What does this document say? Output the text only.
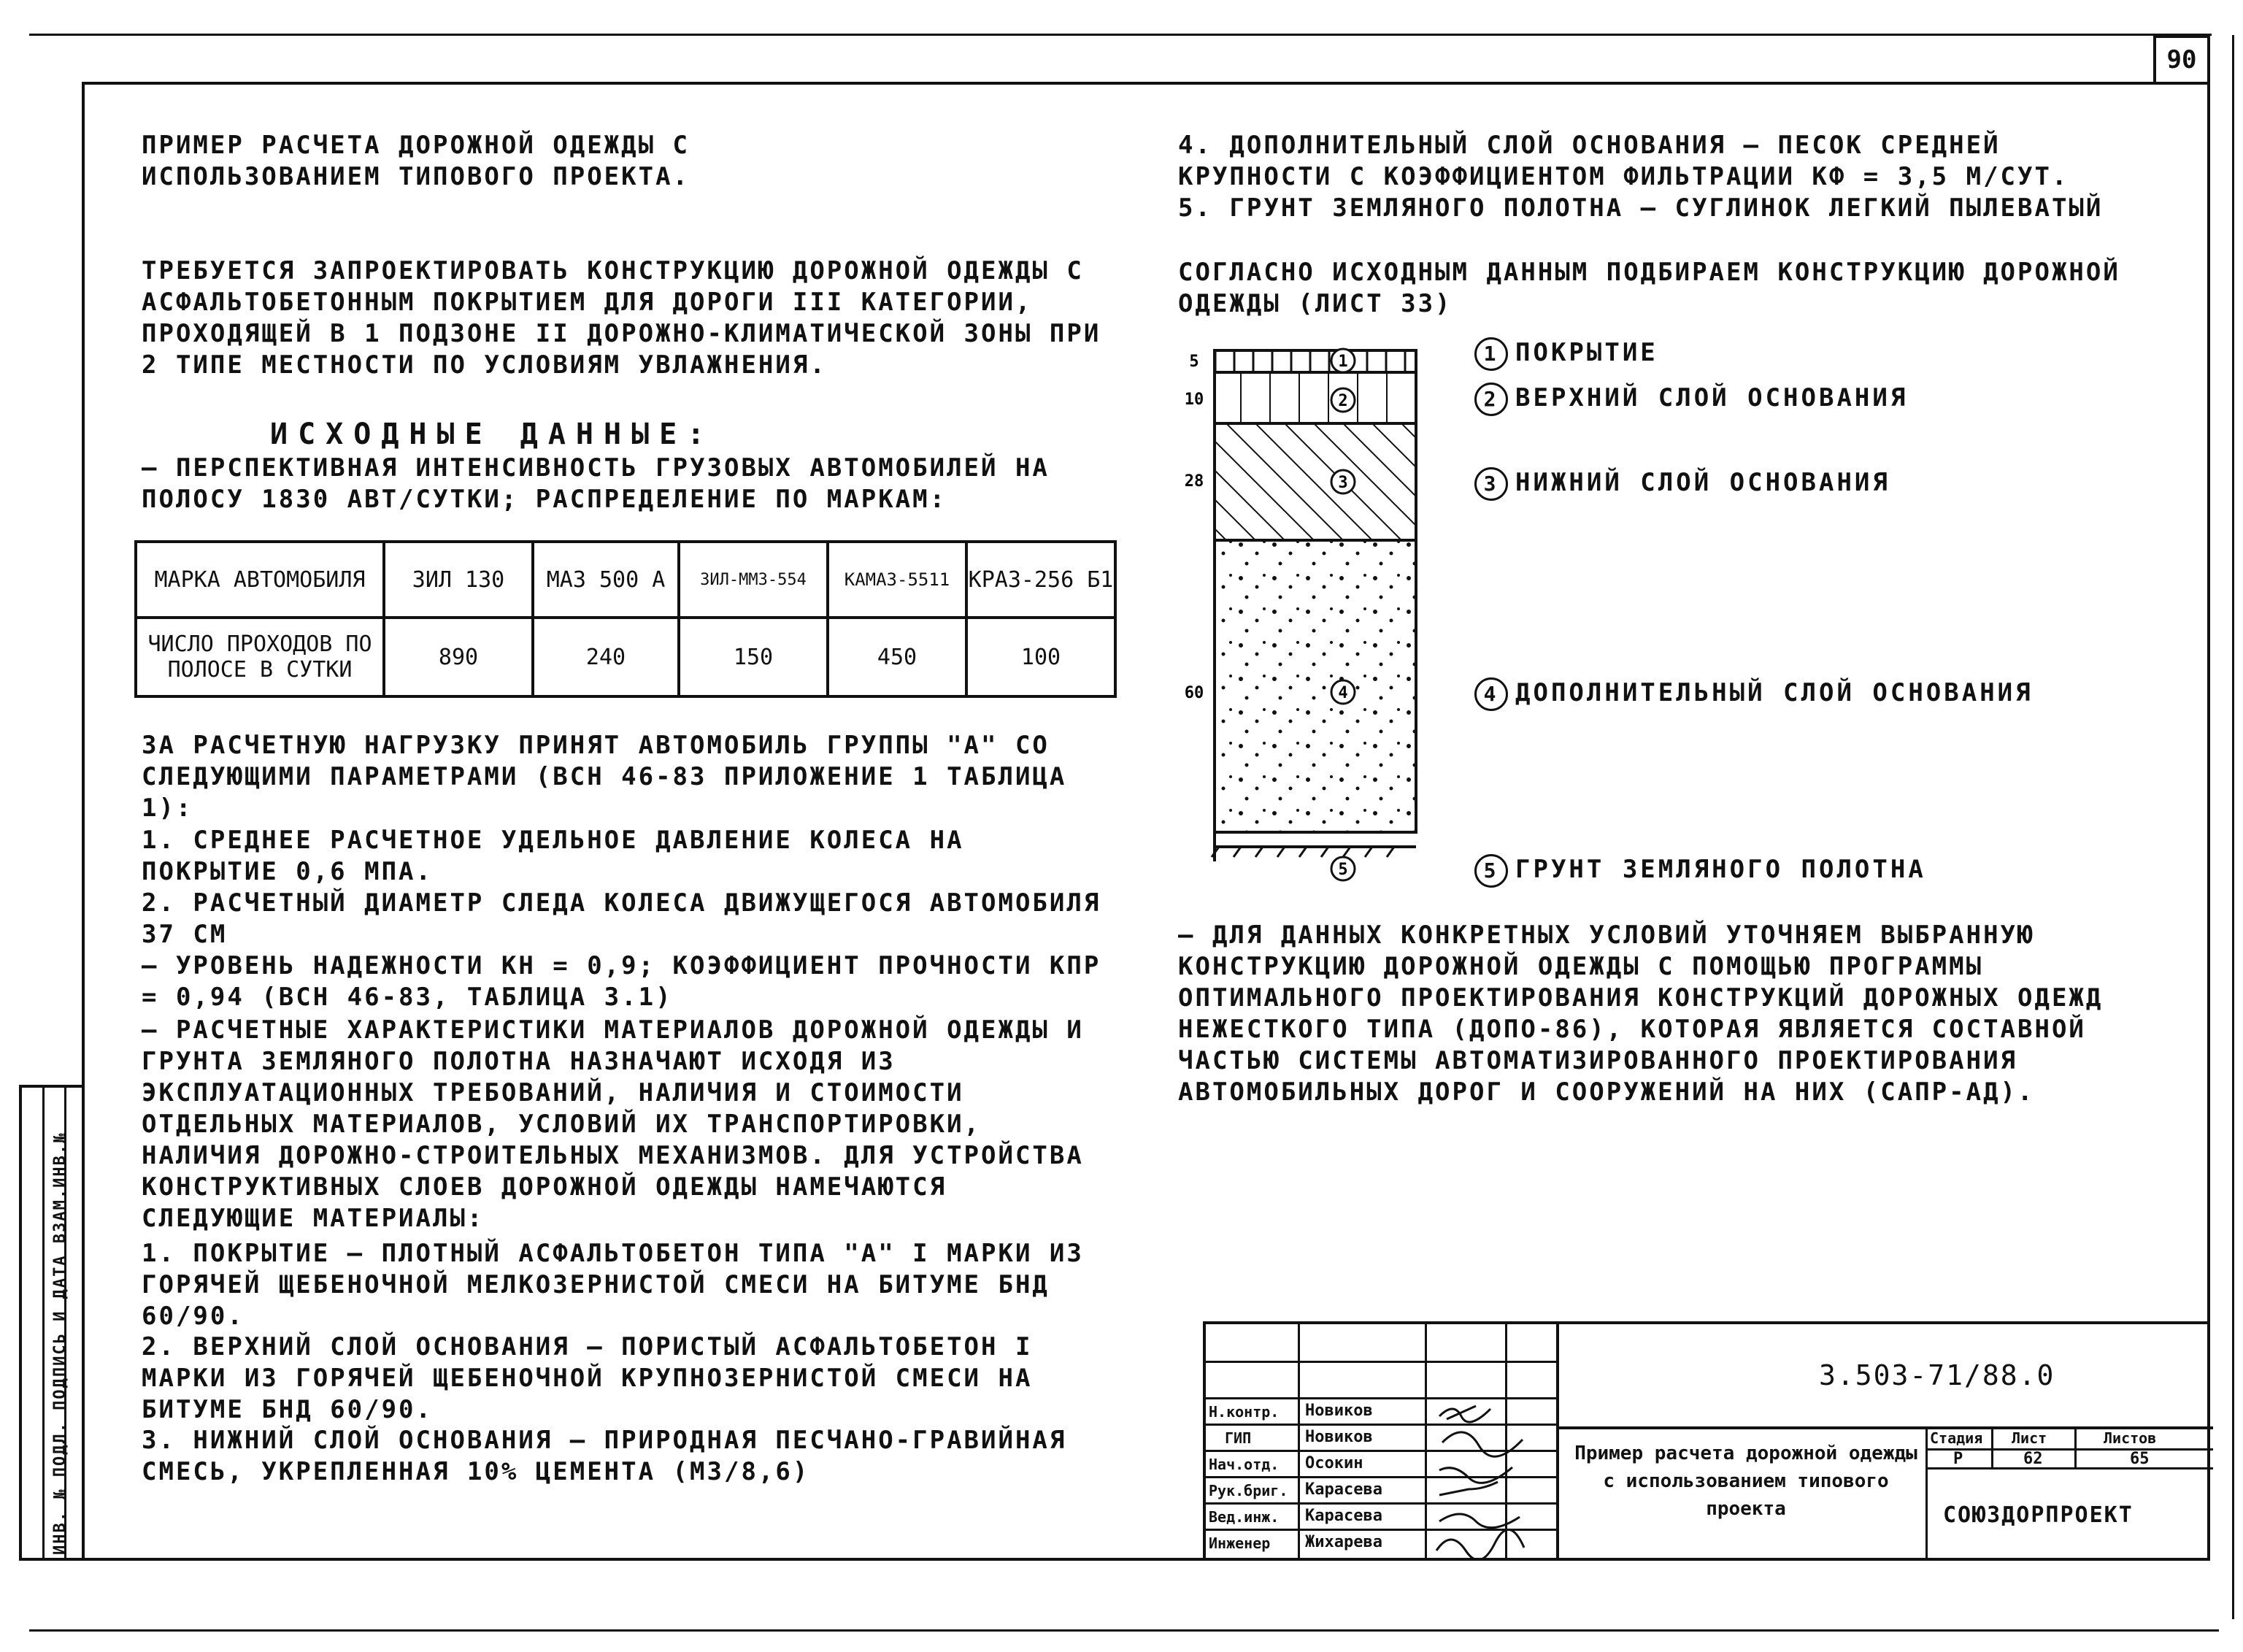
90
ИНВ. № ПОДЛ. ПОДПИСЬ И ДАТА ВЗАМ.ИНВ.№
ПРИМЕР РАСЧЕТА ДОРОЖНОЙ ОДЕЖДЫ С ИСПОЛЬЗОВАНИЕМ ТИПОВОГО ПРОЕКТА.
ТРЕБУЕТСЯ ЗАПРОЕКТИРОВАТЬ КОНСТРУКЦИЮ ДОРОЖНОЙ ОДЕЖДЫ С АСФАЛЬТОБЕТОННЫМ ПОКРЫТИЕМ ДЛЯ ДОРОГИ III КАТЕГОРИИ, ПРОХОДЯЩЕЙ В 1 ПОДЗОНЕ II ДОРОЖНО-КЛИМАТИЧЕСКОЙ ЗОНЫ ПРИ 2 ТИПЕ МЕСТНОСТИ ПО УСЛОВИЯМ УВЛАЖНЕНИЯ.
ИСХОДНЫЕ ДАННЫЕ:
— ПЕРСПЕКТИВНАЯ ИНТЕНСИВНОСТЬ ГРУЗОВЫХ АВТОМОБИЛЕЙ НА ПОЛОСУ 1830 АВТ/СУТКИ; РАСПРЕДЕЛЕНИЕ ПО МАРКАМ:
МАРКА АВТОМОБИЛЯ	ЗИЛ 130	МАЗ 500 А	ЗИЛ-ММЗ-554	КАМАЗ-5511	КРАЗ-256 Б1
ЧИСЛО ПРОХОДОВ ПО ПОЛОСЕ В СУТКИ	890	240	150	450	100
ЗА РАСЧЕТНУЮ НАГРУЗКУ ПРИНЯТ АВТОМОБИЛЬ ГРУППЫ "А" СО СЛЕДУЮЩИМИ ПАРАМЕТРАМИ (ВСН 46-83 ПРИЛОЖЕНИЕ 1 ТАБЛИЦА 1):
1. СРЕДНЕЕ РАСЧЕТНОЕ УДЕЛЬНОЕ ДАВЛЕНИЕ КОЛЕСА НА ПОКРЫТИЕ 0,6 МПА.
2. РАСЧЕТНЫЙ ДИАМЕТР СЛЕДА КОЛЕСА ДВИЖУЩЕГОСЯ АВТОМОБИЛЯ 37 СМ
— УРОВЕНЬ НАДЕЖНОСТИ КН = 0,9; КОЭФФИЦИЕНТ ПРОЧНОСТИ КПР = 0,94 (ВСН 46-83, ТАБЛИЦА 3.1)
— РАСЧЕТНЫЕ ХАРАКТЕРИСТИКИ МАТЕРИАЛОВ ДОРОЖНОЙ ОДЕЖДЫ И ГРУНТА ЗЕМЛЯНОГО ПОЛОТНА НАЗНАЧАЮТ ИСХОДЯ ИЗ ЭКСПЛУАТАЦИОННЫХ ТРЕБОВАНИЙ, НАЛИЧИЯ И СТОИМОСТИ ОТДЕЛЬНЫХ МАТЕРИАЛОВ, УСЛОВИЙ ИХ ТРАНСПОРТИРОВКИ, НАЛИЧИЯ ДОРОЖНО-СТРОИТЕЛЬНЫХ МЕХАНИЗМОВ. ДЛЯ УСТРОЙСТВА КОНСТРУКТИВНЫХ СЛОЕВ ДОРОЖНОЙ ОДЕЖДЫ НАМЕЧАЮТСЯ СЛЕДУЮЩИЕ МАТЕРИАЛЫ:
1. ПОКРЫТИЕ — ПЛОТНЫЙ АСФАЛЬТОБЕТОН ТИПА "А" I МАРКИ ИЗ ГОРЯЧЕЙ ЩЕБЕНОЧНОЙ МЕЛКОЗЕРНИСТОЙ СМЕСИ НА БИТУМЕ БНД 60/90.
2. ВЕРХНИЙ СЛОЙ ОСНОВАНИЯ — ПОРИСТЫЙ АСФАЛЬТОБЕТОН I МАРКИ ИЗ ГОРЯЧЕЙ ЩЕБЕНОЧНОЙ КРУПНОЗЕРНИСТОЙ СМЕСИ НА БИТУМЕ БНД 60/90.
3. НИЖНИЙ СЛОЙ ОСНОВАНИЯ — ПРИРОДНАЯ ПЕСЧАНО-ГРАВИЙНАЯ СМЕСЬ, УКРЕПЛЕННАЯ 10% ЦЕМЕНТА (М3/8,6)
4. ДОПОЛНИТЕЛЬНЫЙ СЛОЙ ОСНОВАНИЯ — ПЕСОК СРЕДНЕЙ КРУПНОСТИ С КОЭФФИЦИЕНТОМ ФИЛЬТРАЦИИ КФ = 3,5 М/СУТ.
5. ГРУНТ ЗЕМЛЯНОГО ПОЛОТНА — СУГЛИНОК ЛЕГКИЙ ПЫЛЕВАТЫЙ
СОГЛАСНО ИСХОДНЫМ ДАННЫМ ПОДБИРАЕМ КОНСТРУКЦИЮ ДОРОЖНОЙ ОДЕЖДЫ (ЛИСТ 33)
1
2
3
4
5
5
10
28
60
1 ПОКРЫТИЕ
2 ВЕРХНИЙ СЛОЙ ОСНОВАНИЯ
3 НИЖНИЙ СЛОЙ ОСНОВАНИЯ
4 ДОПОЛНИТЕЛЬНЫЙ СЛОЙ ОСНОВАНИЯ
5 ГРУНТ ЗЕМЛЯНОГО ПОЛОТНА
— ДЛЯ ДАННЫХ КОНКРЕТНЫХ УСЛОВИЙ УТОЧНЯЕМ ВЫБРАННУЮ КОНСТРУКЦИЮ ДОРОЖНОЙ ОДЕЖДЫ С ПОМОЩЬЮ ПРОГРАММЫ ОПТИМАЛЬНОГО ПРОЕКТИРОВАНИЯ КОНСТРУКЦИЙ ДОРОЖНЫХ ОДЕЖД НЕЖЕСТКОГО ТИПА (ДОПО-86), КОТОРАЯ ЯВЛЯЕТСЯ СОСТАВНОЙ ЧАСТЬЮ СИСТЕМЫ АВТОМАТИЗИРОВАННОГО ПРОЕКТИРОВАНИЯ АВТОМОБИЛЬНЫХ ДОРОГ И СООРУЖЕНИЙ НА НИХ (САПР-АД).
Н.контр. Новиков
ГИП	Новиков
Нач.отд. Осокин
Рук.бриг. Карасева
Вед.инж. Карасева
Инженер Жихарева
3.503-71/88.0
Пример расчета дорожной одежды с использованием типового проекта
Стадия Лист	Листов
Р	62	65
СОЮЗДОРПРОЕКТ
